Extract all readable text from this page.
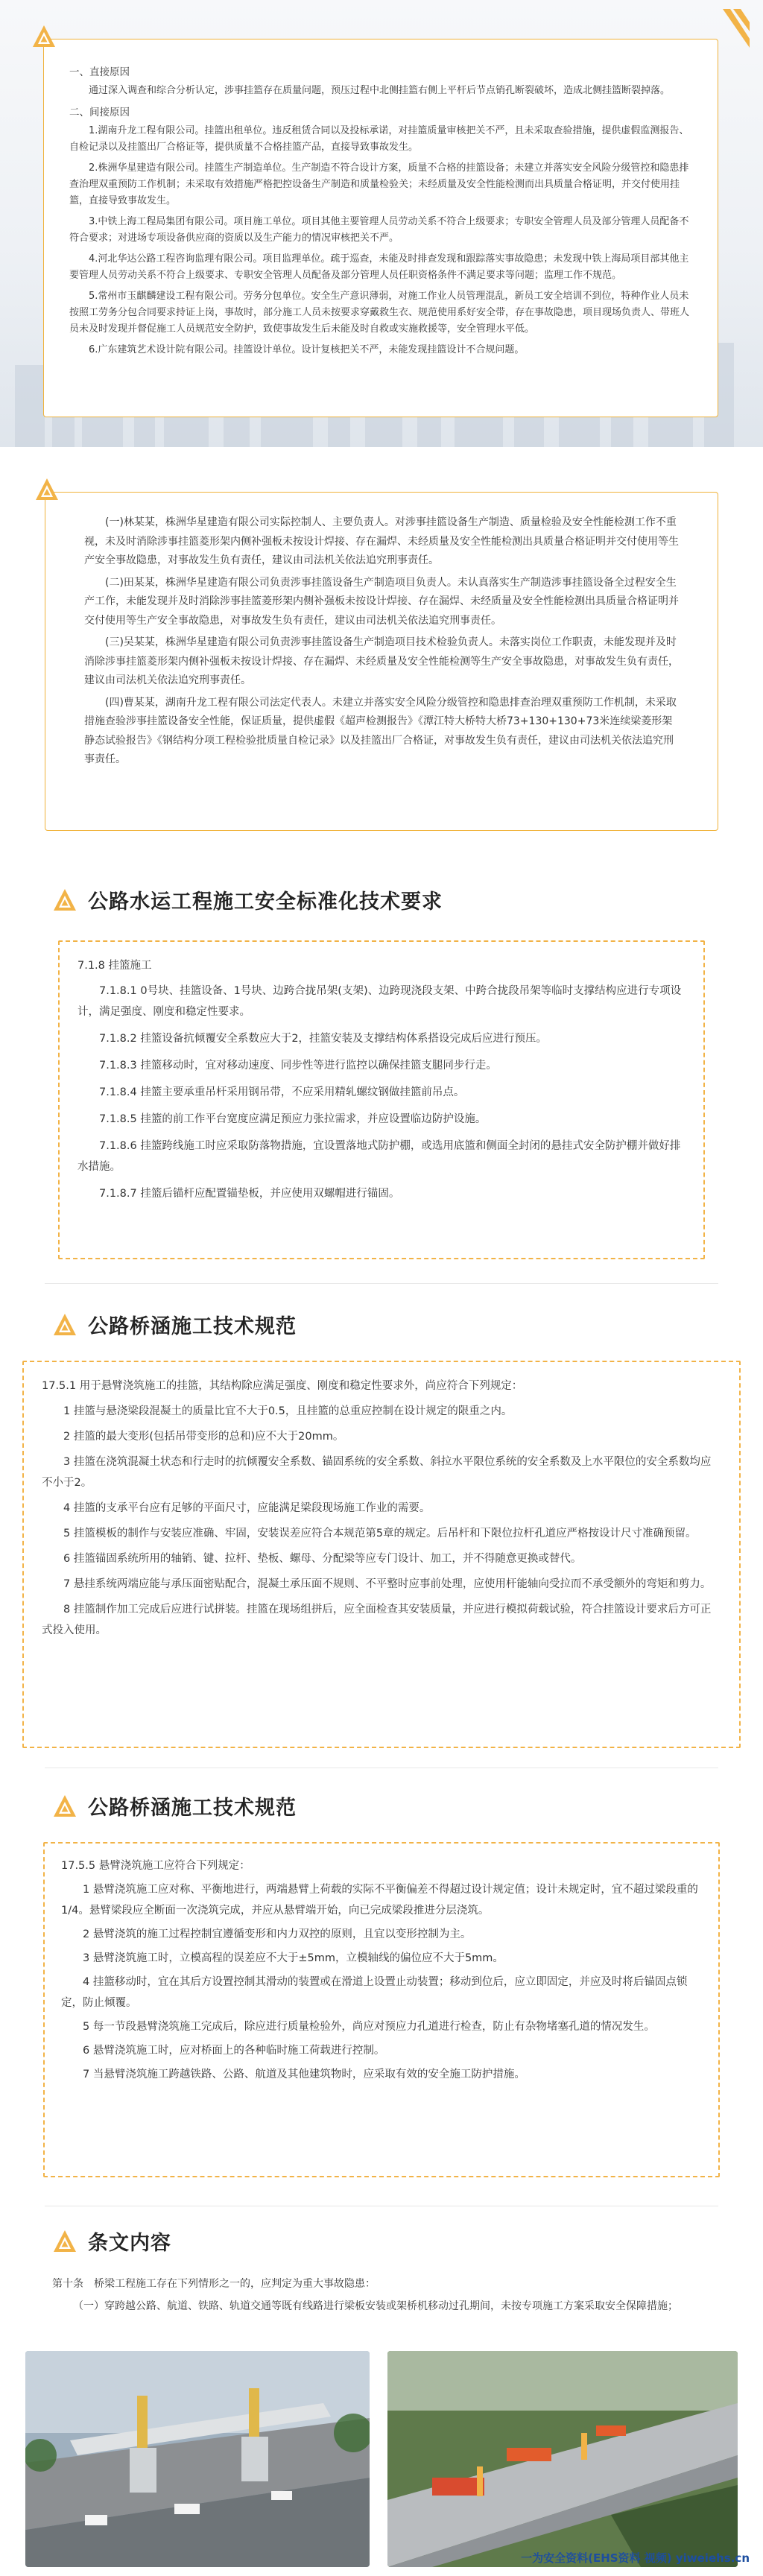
一、直接原因

通过深入调查和综合分析认定，涉事挂篮存在质量问题，预压过程中北侧挂篮右侧上平杆后节点销孔断裂破坏，造成北侧挂篮断裂掉落。

二、间接原因

1.湖南升龙工程有限公司。挂篮出租单位。违反租赁合同以及投标承诺，对挂篮质量审核把关不严，且未采取查验措施，提供虚假监测报告、自检记录以及挂篮出厂合格证等，提供质量不合格挂篮产品，直接导致事故发生。

2.株洲华星建造有限公司。挂篮生产制造单位。生产制造不符合设计方案，质量不合格的挂篮设备；未建立并落实安全风险分级管控和隐患排查治理双重预防工作机制；未采取有效措施严格把控设备生产制造和质量检验关；未经质量及安全性能检测而出具质量合格证明，并交付使用挂篮，直接导致事故发生。

3.中铁上海工程局集团有限公司。项目施工单位。项目其他主要管理人员劳动关系不符合上级要求；专职安全管理人员及部分管理人员配备不符合要求；对进场专项设备供应商的资质以及生产能力的情况审核把关不严。

4.河北华达公路工程咨询监理有限公司。项目监理单位。疏于巡查，未能及时排查发现和跟踪落实事故隐患；未发现中铁上海局项目部其他主要管理人员劳动关系不符合上级要求、专职安全管理人员配备及部分管理人员任职资格条件不满足要求等问题；监理工作不规范。

5.常州市玉麒麟建设工程有限公司。劳务分包单位。安全生产意识薄弱，对施工作业人员管理混乱，新员工安全培训不到位，特种作业人员未按照工劳务分包合同要求持证上岗，事故时，部分施工人员未按要求穿戴救生衣、规范使用系好安全带，存在事故隐患，项目现场负责人、带班人员未及时发现并督促施工人员规范安全防护，致使事故发生后未能及时自救或实施救援等，安全管理水平低。

6.广东建筑艺术设计院有限公司。挂篮设计单位。设计复核把关不严，未能发现挂篮设计不合规问题。

(一)林某某，株洲华星建造有限公司实际控制人、主要负责人。对涉事挂篮设备生产制造、质量检验及安全性能检测工作不重视，未及时消除涉事挂篮菱形架内侧补强板未按设计焊接、存在漏焊、未经质量及安全性能检测出具质量合格证明并交付使用等生产安全事故隐患，对事故发生负有责任，建议由司法机关依法追究刑事责任。

(二)田某某，株洲华星建造有限公司负责涉事挂篮设备生产制造项目负责人。未认真落实生产制造涉事挂篮设备全过程安全生产工作，未能发现并及时消除涉事挂篮菱形架内侧补强板未按设计焊接、存在漏焊、未经质量及安全性能检测出具质量合格证明并交付使用等生产安全事故隐患，对事故发生负有责任，建议由司法机关依法追究刑事责任。

(三)吴某某，株洲华星建造有限公司负责涉事挂篮设备生产制造项目技术检验负责人。未落实岗位工作职责，未能发现并及时消除涉事挂篮菱形架内侧补强板未按设计焊接、存在漏焊、未经质量及安全性能检测等生产安全事故隐患，对事故发生负有责任，建议由司法机关依法追究刑事责任。

(四)曹某某，湖南升龙工程有限公司法定代表人。未建立并落实安全风险分级管控和隐患排查治理双重预防工作机制，未采取措施查验涉事挂篮设备安全性能，保证质量，提供虚假《超声检测报告》《潭江特大桥特大桥73+130+130+73米连续梁菱形架静态试验报告》《钢结构分项工程检验批质量自检记录》以及挂篮出厂合格证，对事故发生负有责任，建议由司法机关依法追究刑事责任。

公路水运工程施工安全标准化技术要求

7.1.8 挂篮施工

7.1.8.1 0号块、挂篮设备、1号块、边跨合拢吊架(支架)、边跨现浇段支架、中跨合拢段吊架等临时支撑结构应进行专项设计，满足强度、刚度和稳定性要求。

7.1.8.2 挂篮设备抗倾覆安全系数应大于2，挂篮安装及支撑结构体系搭设完成后应进行预压。

7.1.8.3 挂篮移动时，宜对移动速度、同步性等进行监控以确保挂篮支腿同步行走。

7.1.8.4 挂篮主要承重吊杆采用钢吊带，不应采用精轧螺纹钢做挂篮前吊点。

7.1.8.5 挂篮的前工作平台宽度应满足预应力张拉需求，并应设置临边防护设施。

7.1.8.6 挂篮跨线施工时应采取防落物措施，宜设置落地式防护棚，或选用底篮和侧面全封闭的悬挂式安全防护棚并做好排水措施。

7.1.8.7 挂篮后锚杆应配置锚垫板，并应使用双螺帽进行锚固。

公路桥涵施工技术规范

17.5.1 用于悬臂浇筑施工的挂篮，其结构除应满足强度、刚度和稳定性要求外，尚应符合下列规定：

1 挂篮与悬浇梁段混凝土的质量比宜不大于0.5，且挂篮的总重应控制在设计规定的限重之内。

2 挂篮的最大变形(包括吊带变形的总和)应不大于20mm。

3 挂篮在浇筑混凝土状态和行走时的抗倾覆安全系数、锚固系统的安全系数、斜拉水平限位系统的安全系数及上水平限位的安全系数均应不小于2。

4 挂篮的支承平台应有足够的平面尺寸，应能满足梁段现场施工作业的需要。

5 挂篮模板的制作与安装应准确、牢固，安装误差应符合本规范第5章的规定。后吊杆和下限位拉杆孔道应严格按设计尺寸准确预留。

6 挂篮锚固系统所用的轴销、键、拉杆、垫板、螺母、分配梁等应专门设计、加工，并不得随意更换或替代。

7 悬挂系统两端应能与承压面密贴配合，混凝土承压面不规则、不平整时应事前处理，应使用杆能轴向受拉而不承受额外的弯矩和剪力。

8 挂篮制作加工完成后应进行试拼装。挂篮在现场组拼后，应全面检查其安装质量，并应进行模拟荷载试验，符合挂篮设计要求后方可正式投入使用。

公路桥涵施工技术规范

17.5.5 悬臂浇筑施工应符合下列规定：

1 悬臂浇筑施工应对称、平衡地进行，两端悬臂上荷载的实际不平衡偏差不得超过设计规定值；设计未规定时，宜不超过梁段重的1/4。悬臂梁段应全断面一次浇筑完成，并应从悬臂端开始，向已完成梁段推进分层浇筑。

2 悬臂浇筑的施工过程控制宜遵循变形和内力双控的原则，且宜以变形控制为主。

3 悬臂浇筑施工时，立模高程的误差应不大于±5mm，立模轴线的偏位应不大于5mm。

4 挂篮移动时，宜在其后方设置控制其滑动的装置或在滑道上设置止动装置；移动到位后，应立即固定，并应及时将后锚固点锁定，防止倾覆。

5 每一节段悬臂浇筑施工完成后，除应进行质量检验外，尚应对预应力孔道进行检查，防止有杂物堵塞孔道的情况发生。

6 悬臂浇筑施工时，应对桥面上的各种临时施工荷载进行控制。

7 当悬臂浇筑施工跨越铁路、公路、航道及其他建筑物时，应采取有效的安全施工防护措施。

条文内容

第十条　桥梁工程施工存在下列情形之一的，应判定为重大事故隐患：

（一）穿跨越公路、航道、铁路、轨道交通等既有线路进行梁板安装或架桥机移动过孔期间，未按专项施工方案采取安全保障措施；

一为安全资料(EHS资料 视频) yiweiehs.cn
